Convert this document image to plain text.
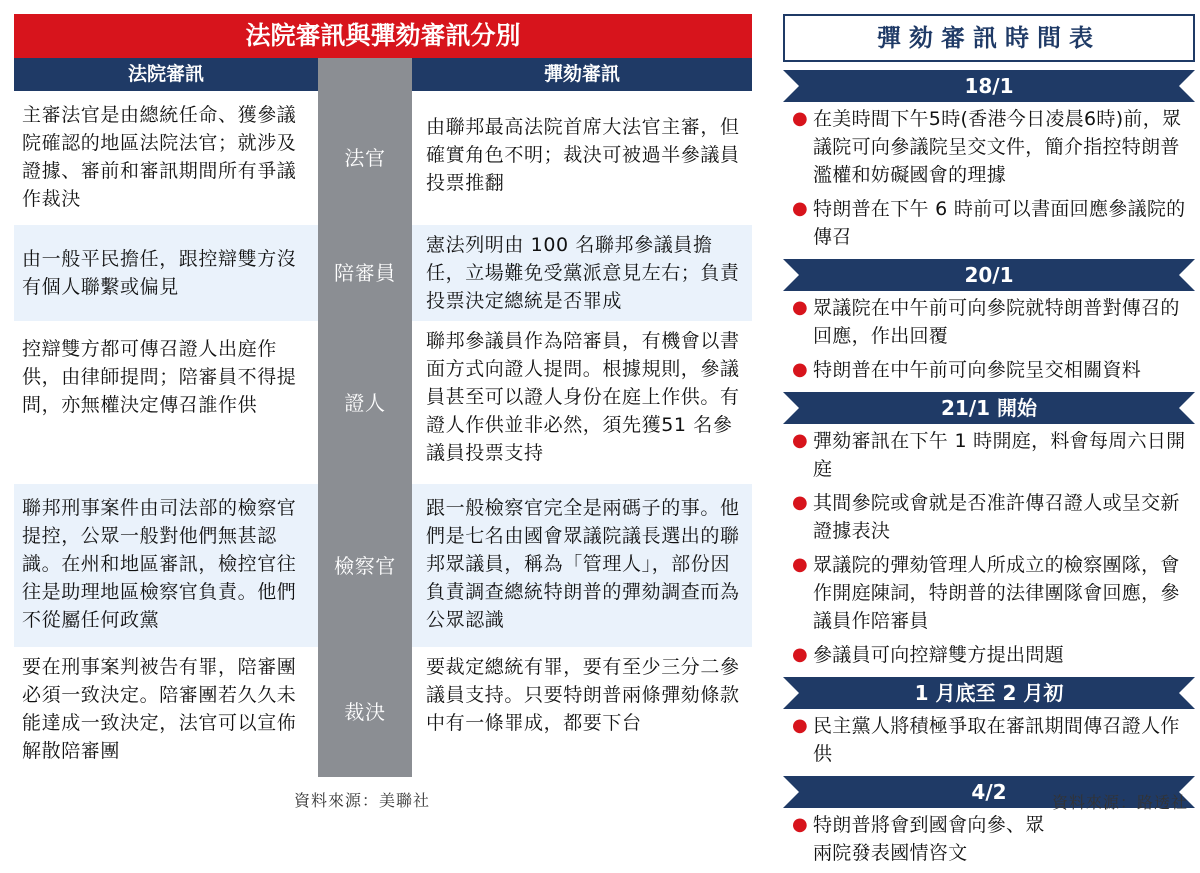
法院審訊與彈劾審訊分別
法院審訊	彈劾審訊
主審法官是由總統任命、獲參議院確認的地區法院法官；就涉及證據、審前和審訊期間所有爭議作裁決
法官
由聯邦最高法院首席大法官主審，但確實角色不明；裁決可被過半參議員投票推翻
由一般平民擔任，跟控辯雙方沒有個人聯繫或偏見
陪審員
憲法列明由 100 名聯邦參議員擔任，立場難免受黨派意見左右；負責投票決定總統是否罪成
控辯雙方都可傳召證人出庭作供，由律師提問；陪審員不得提問，亦無權決定傳召誰作供	證人
聯邦參議員作為陪審員，有機會以書面方式向證人提問。根據規則，參議員甚至可以證人身份在庭上作供。有證人作供並非必然，須先獲51 名參議員投票支持
聯邦刑事案件由司法部的檢察官提控，公眾一般對他們無甚認識。在州和地區審訊，檢控官往往是助理地區檢察官負責。他們不從屬任何政黨
檢察官
跟一般檢察官完全是兩碼子的事。他們是七名由國會眾議院議長選出的聯邦眾議員，稱為「管理人」，部份因負責調查總統特朗普的彈劾調查而為公眾認識
要在刑事案判被告有罪，陪審團必須一致決定。陪審團若久久未能達成一致決定，法官可以宣佈解散陪審團
裁決
要裁定總統有罪，要有至少三分二參議員支持。只要特朗普兩條彈劾條款中有一條罪成，都要下台
資料來源：美聯社
彈劾審訊時間表
18/1
● 在美時間下午5時(香港今日凌晨6時)前，眾議院可向參議院呈交文件，簡介指控特朗普濫權和妨礙國會的理據
● 特朗普在下午 6 時前可以書面回應參議院的傳召
20/1
● 眾議院在中午前可向參院就特朗普對傳召的回應，作出回覆
● 特朗普在中午前可向參院呈交相關資料
21/1 開始
● 彈劾審訊在下午 1 時開庭，料會每周六日開庭
● 其間參院或會就是否准許傳召證人或呈交新證據表決
● 眾議院的彈劾管理人所成立的檢察團隊，會作開庭陳詞，特朗普的法律團隊會回應，參議員作陪審員
● 參議員可向控辯雙方提出問題
1 月底至 2 月初
● 民主黨人將積極爭取在審訊期間傳召證人作供
4/2
● 特朗普將會到國會向參、眾兩院發表國情咨文
資料來源：路透社
